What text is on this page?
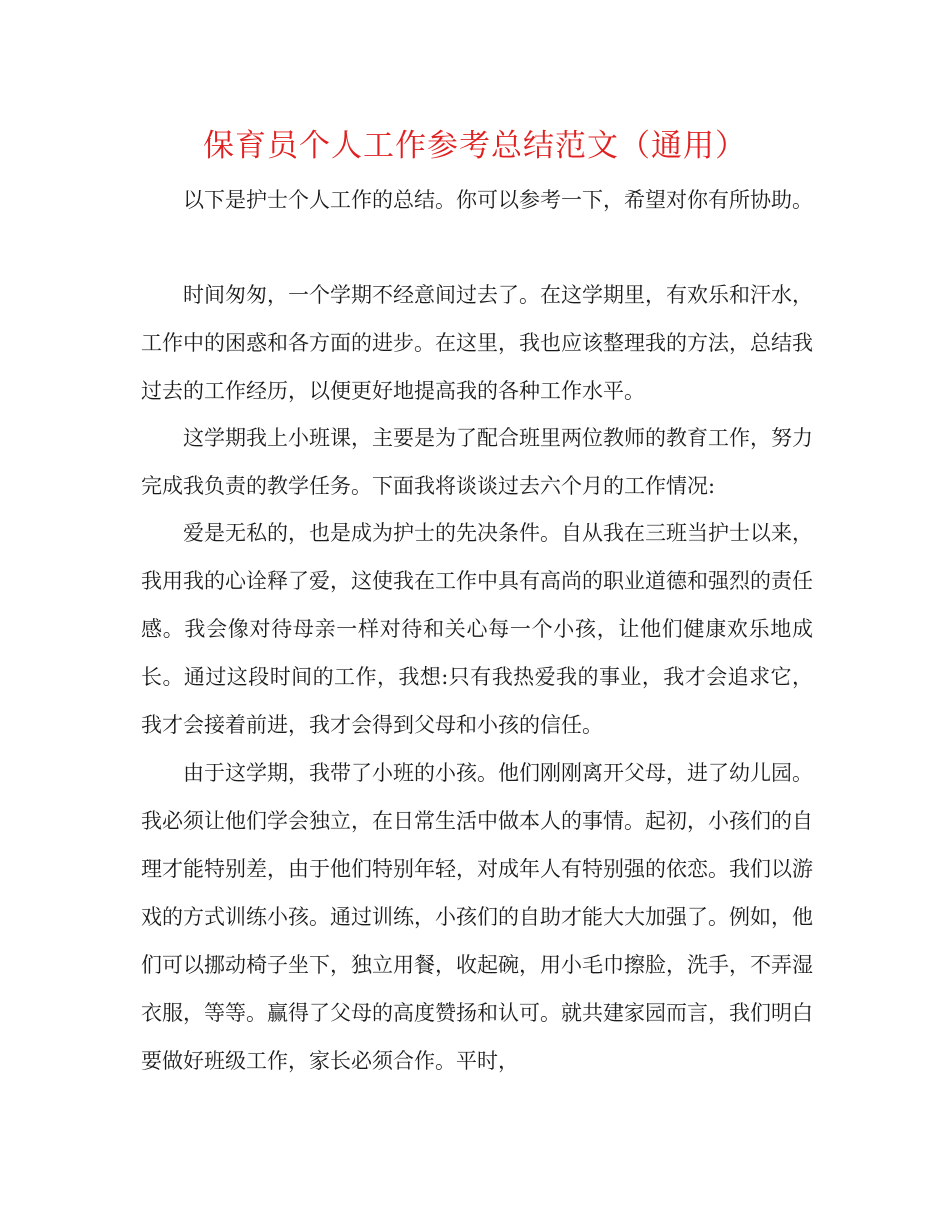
保育员个人工作参考总结范文（通用）

以下是护士个人工作的总结。你可以参考一下，希望对你有所协助。

时间匆匆，一个学期不经意间过去了。在这学期里，有欢乐和汗水，工作中的困惑和各方面的进步。在这里，我也应该整理我的方法，总结我过去的工作经历，以便更好地提高我的各种工作水平。

这学期我上小班课，主要是为了配合班里两位教师的教育工作，努力完成我负责的教学任务。下面我将谈谈过去六个月的工作情况:

爱是无私的，也是成为护士的先决条件。自从我在三班当护士以来，我用我的心诠释了爱，这使我在工作中具有高尚的职业道德和强烈的责任感。我会像对待母亲一样对待和关心每一个小孩，让他们健康欢乐地成长。通过这段时间的工作，我想:只有我热爱我的事业，我才会追求它，我才会接着前进，我才会得到父母和小孩的信任。

由于这学期，我带了小班的小孩。他们刚刚离开父母，进了幼儿园。我必须让他们学会独立，在日常生活中做本人的事情。起初，小孩们的自理才能特别差，由于他们特别年轻，对成年人有特别强的依恋。我们以游戏的方式训练小孩。通过训练，小孩们的自助才能大大加强了。例如，他们可以挪动椅子坐下，独立用餐，收起碗，用小毛巾擦脸，洗手，不弄湿衣服，等等。赢得了父母的高度赞扬和认可。就共建家园而言，我们明白要做好班级工作，家长必须合作。平时，
